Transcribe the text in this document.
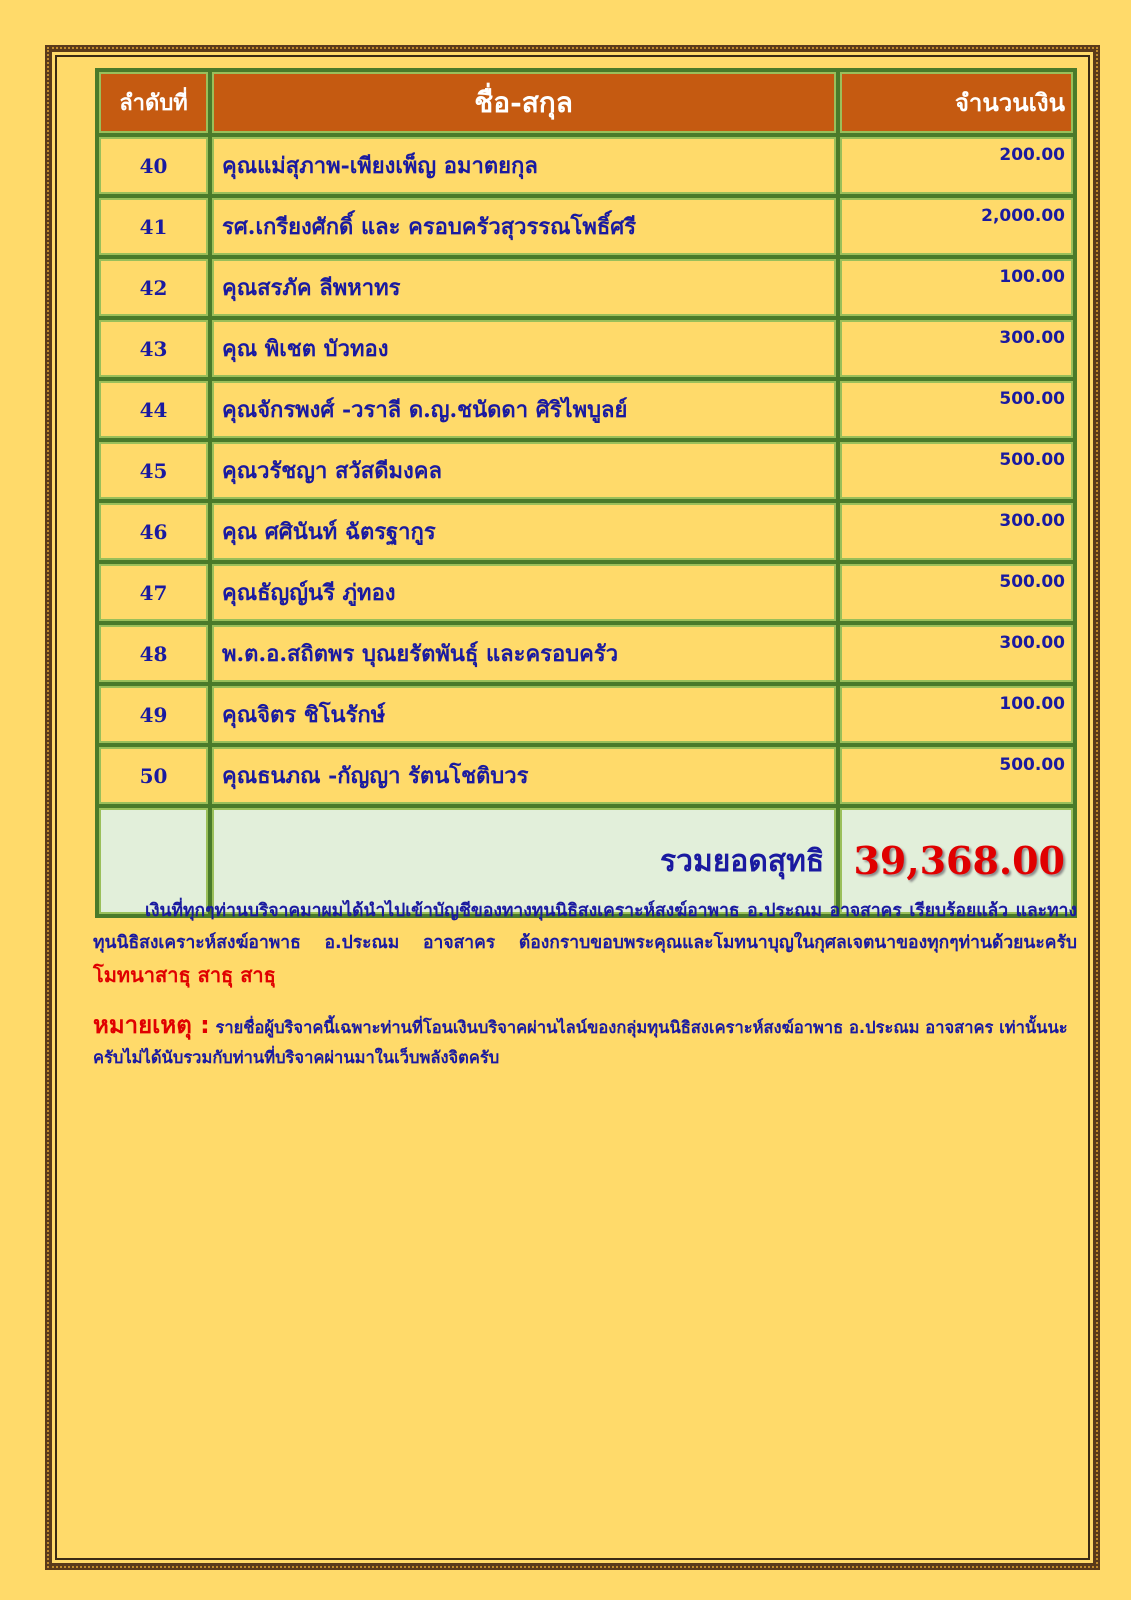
ลำดับที่	ชื่อ-สกุล	จำนวนเงิน
40	คุณแม่สุภาพ-เพียงเพ็ญ อมาตยกุล	200.00
41	รศ.เกรียงศักดิ์ และ ครอบครัวสุวรรณโพธิ์ศรี	2,000.00
42	คุณสรภัค ลีพหาทร	100.00
43	คุณ พิเชต บัวทอง	300.00
44	คุณจักรพงศ์ -วราลี ด.ญ.ชนัดดา ศิริไพบูลย์	500.00
45	คุณวรัชญา สวัสดีมงคล	500.00
46	คุณ ศศินันท์ ฉัตรฐากูร	300.00
47	คุณธัญญ์นรี ภู่ทอง	500.00
48	พ.ต.อ.สถิตพร บุณยรัตพันธุ์ และครอบครัว	300.00
49	คุณจิตร ชิโนรักษ์	100.00
50	คุณธนภณ -กัญญา รัตนโชติบวร	500.00
	รวมยอดสุทธิ	39,368.00
เงินที่ทุกๆท่านบริจาคมาผมได้นำไปเข้าบัญชีของทางทุนนิธิสงเคราะห์สงฆ์อาพาธ อ.ประณม อาจสาคร เรียบร้อยแล้ว และทางทุนนิธิสงเคราะห์สงฆ์อาพาธ อ.ประณม อาจสาคร ต้องกราบขอบพระคุณและโมทนาบุญในกุศลเจตนาของทุกๆท่านด้วยนะครับ โมทนาสาธุ สาธุ สาธุ
หมายเหตุ : รายชื่อผู้บริจาคนี้เฉพาะท่านที่โอนเงินบริจาคผ่านไลน์ของกลุ่มทุนนิธิสงเคราะห์สงฆ์อาพาธ อ.ประณม อาจสาคร เท่านั้นนะครับไม่ได้นับรวมกับท่านที่บริจาคผ่านมาในเว็บพลังจิตครับ
